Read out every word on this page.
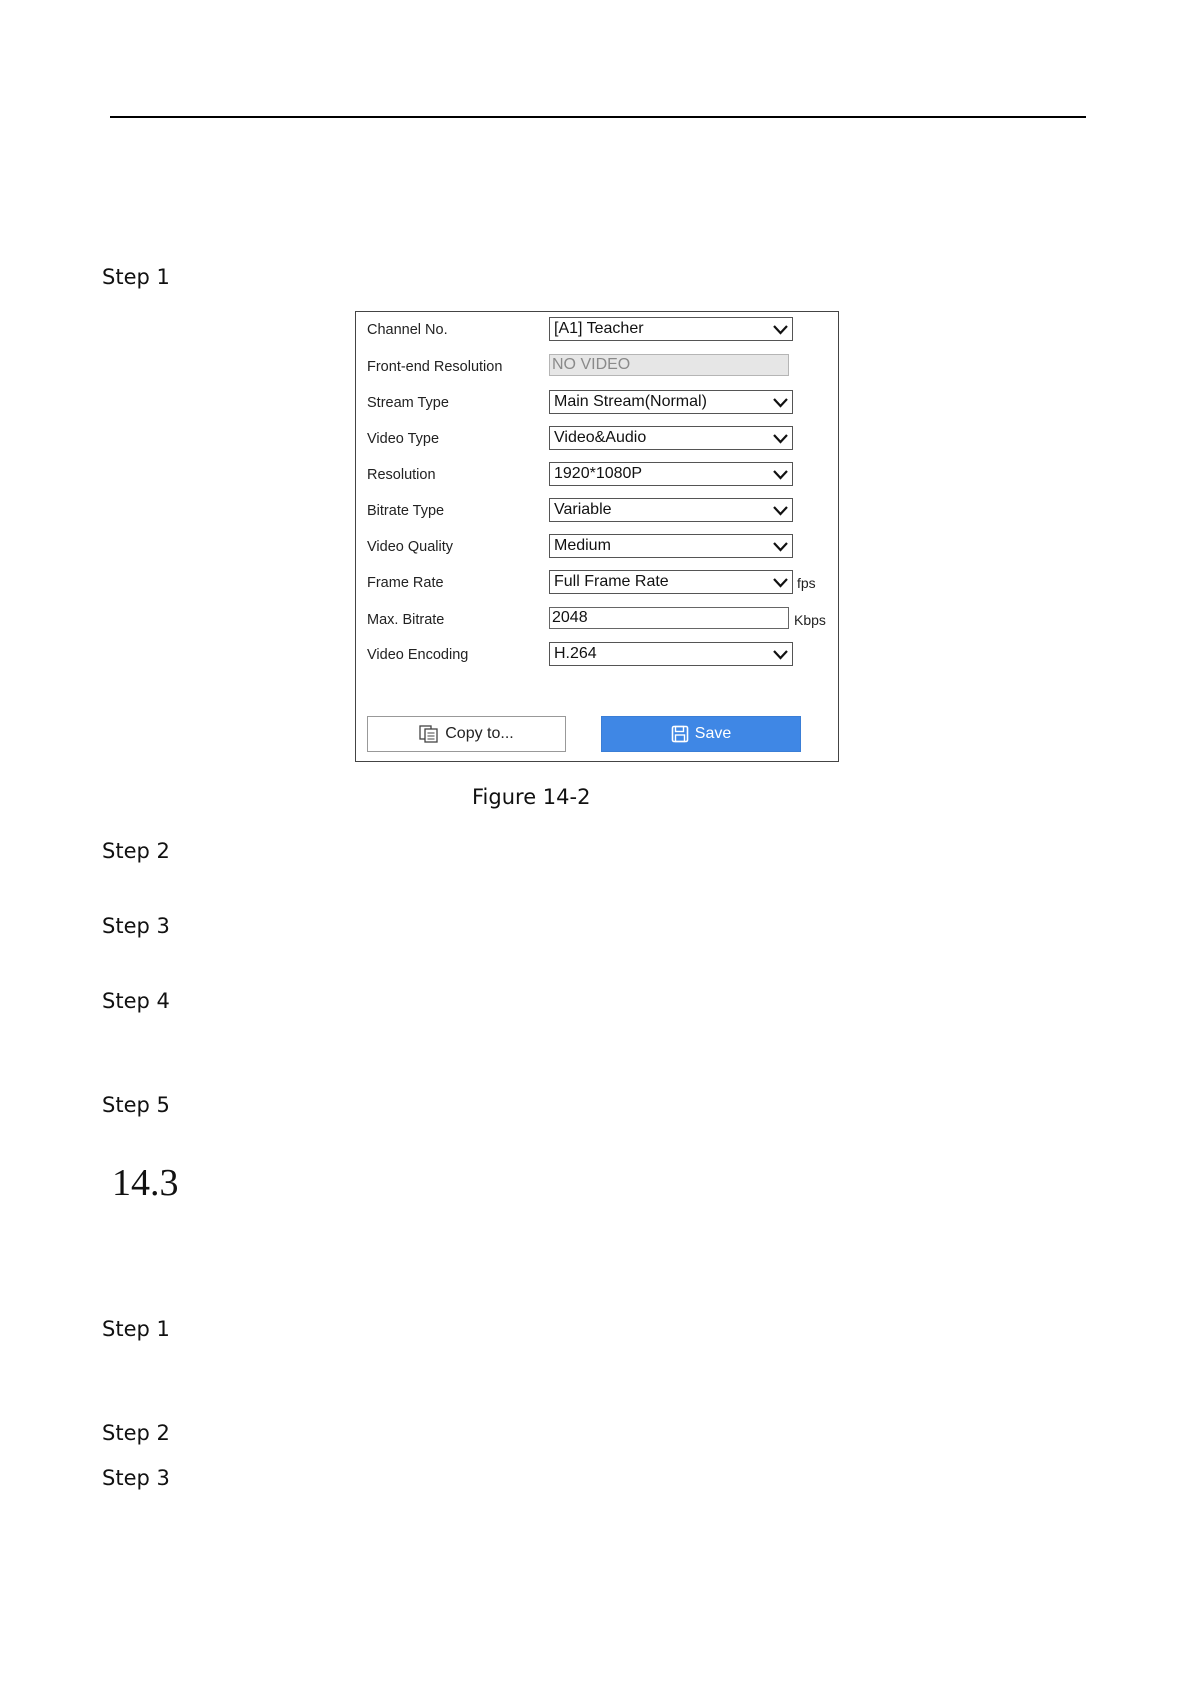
Step 1
Channel No.	[A1] Teacher
Front-end Resolution	NO VIDEO
Stream Type	Main Stream(Normal)
Video Type	Video&Audio
Resolution	1920*1080P
Bitrate Type	Variable
Video Quality	Medium
Frame Rate	Full Frame Rate	fps
Max. Bitrate	2048	Kbps
Video Encoding	H.264
Copy to...	Save
Figure 14-2
Step 2
Step 3
Step 4
Step 5
14.3
Step 1
Step 2
Step 3
